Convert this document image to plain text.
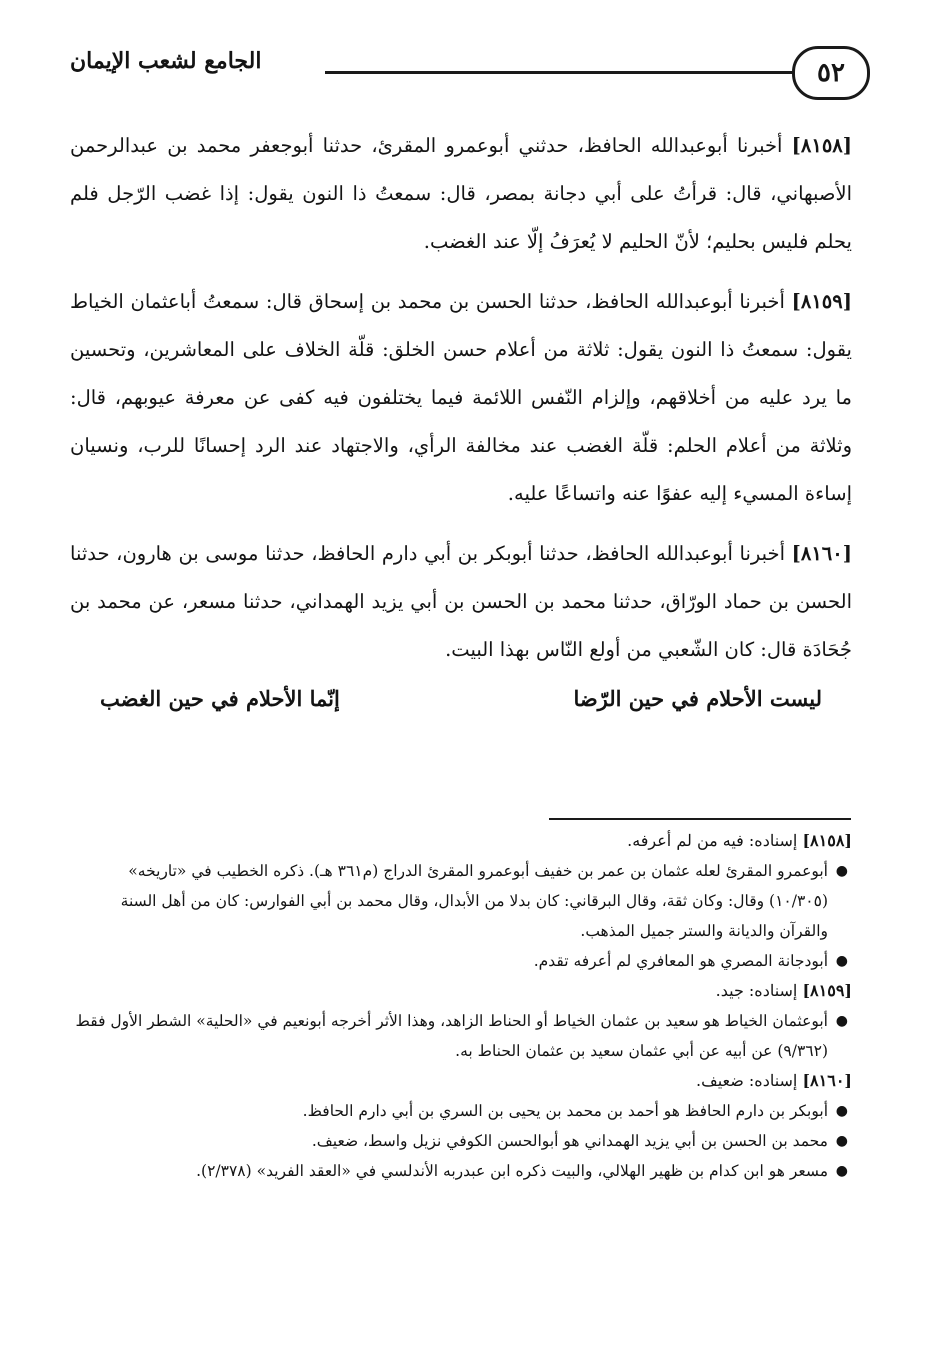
٥٢
الجامع لشعب الإيمان

[٨١٥٨] أخبرنا أبوعبدالله الحافظ، حدثني أبوعمرو المقرئ، حدثنا أبوجعفر محمد بن عبدالرحمن الأصبهاني، قال: قرأتُ على أبي دجانة بمصر، قال: سمعتُ ذا النون يقول: إذا غضب الرّجل فلم يحلم فليس بحليم؛ لأنّ الحليم لا يُعرَفُ إلّا عند الغضب.

[٨١٥٩] أخبرنا أبوعبدالله الحافظ، حدثنا الحسن بن محمد بن إسحاق قال: سمعتُ أباعثمان الخياط يقول: سمعتُ ذا النون يقول: ثلاثة من أعلام حسن الخلق: قلّة الخلاف على المعاشرين، وتحسين ما يرد عليه من أخلاقهم، وإلزام النّفس اللائمة فيما يختلفون فيه كفى عن معرفة عيوبهم، قال: وثلاثة من أعلام الحلم: قلّة الغضب عند مخالفة الرأي، والاجتهاد عند الرد إحسانًا للرب، ونسيان إساءة المسيء إليه عفوًا عنه واتساعًا عليه.

[٨١٦٠] أخبرنا أبوعبدالله الحافظ، حدثنا أبوبكر بن أبي دارم الحافظ، حدثنا موسى بن هارون، حدثنا الحسن بن حماد الورّاق، حدثنا محمد بن الحسن بن أبي يزيد الهمداني، حدثنا مسعر، عن محمد بن جُحَادَة قال: كان الشّعبي من أولع النّاس بهذا البيت.

ليست الأحلام في حين الرّضا
إنّما الأحلام في حين الغضب

[٨١٥٨] إسناده: فيه من لم أعرفه.

●
أبوعمرو المقرئ لعله عثمان بن عمر بن خفيف أبوعمرو المقرئ الدراج (م٣٦١ هـ). ذكره الخطيب في «تاريخه» (١٠/٣٠٥) وقال: وكان ثقة، وقال البرقاني: كان بدلا من الأبدال، وقال محمد بن أبي الفوارس: كان من أهل السنة والقرآن والديانة والستر جميل المذهب.
●
أبودجانة المصري هو المعافري لم أعرفه تقدم.

[٨١٥٩] إسناده: جيد.

●
أبوعثمان الخياط هو سعيد بن عثمان الخياط أو الحناط الزاهد، وهذا الأثر أخرجه أبونعيم في «الحلية» الشطر الأول فقط (٩/٣٦٢) عن أبيه عن أبي عثمان سعيد بن عثمان الحناط به.

[٨١٦٠] إسناده: ضعيف.

●
أبوبكر بن دارم الحافظ هو أحمد بن محمد بن يحيى بن السري بن أبي دارم الحافظ.
●
محمد بن الحسن بن أبي يزيد الهمداني هو أبوالحسن الكوفي نزيل واسط، ضعيف.
●
مسعر هو ابن كدام بن ظهير الهلالي، والبيت ذكره ابن عبدربه الأندلسي في «العقد الفريد» (٢/٣٧٨).
